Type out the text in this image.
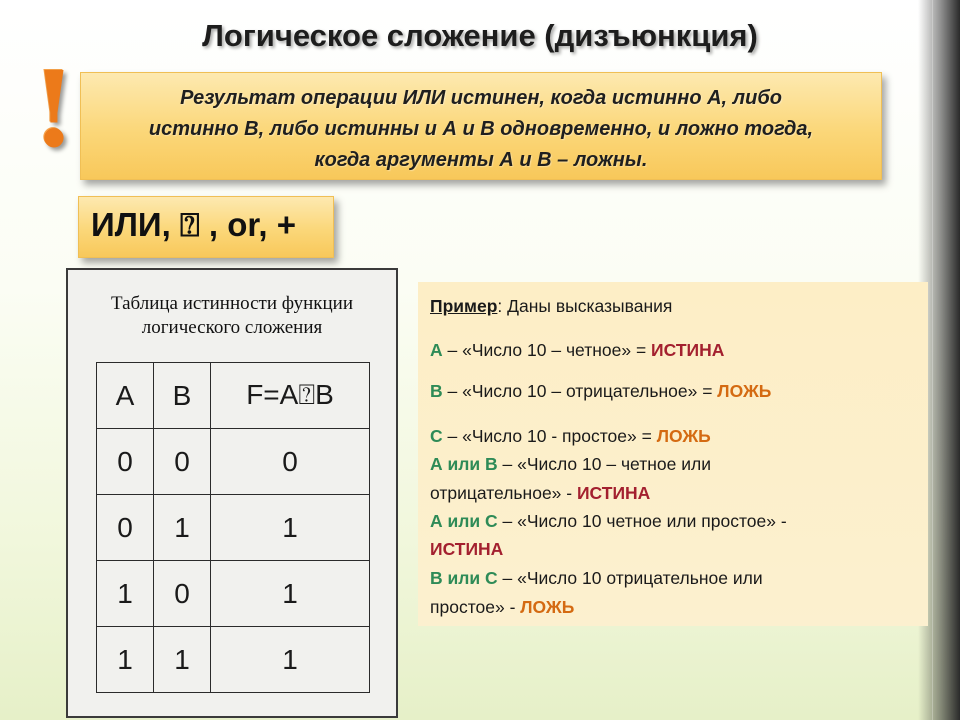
Логическое сложение (дизъюнкция)
!	Результат операции ИЛИ истинен, когда истинно А, либо
истинно В, либо истинны и А и В одновременно, и ложно тогда,
когда аргументы А и В – ложны.
ИЛИ, ⍰ , or, +
Таблица истинности функции
логического сложения
A	B	F=A⍰B
0	0	0
0	1	1
1	0	1
1	1	1
Пример: Даны высказывания
А – «Число 10 – четное» = ИСТИНА
В – «Число 10 – отрицательное» = ЛОЖЬ
С – «Число 10 - простое» = ЛОЖЬ
А или В – «Число 10 – четное или
отрицательное» - ИСТИНА
А или С – «Число 10 четное или простое» -
ИСТИНА
В или С – «Число 10 отрицательное или
простое» - ЛОЖЬ
